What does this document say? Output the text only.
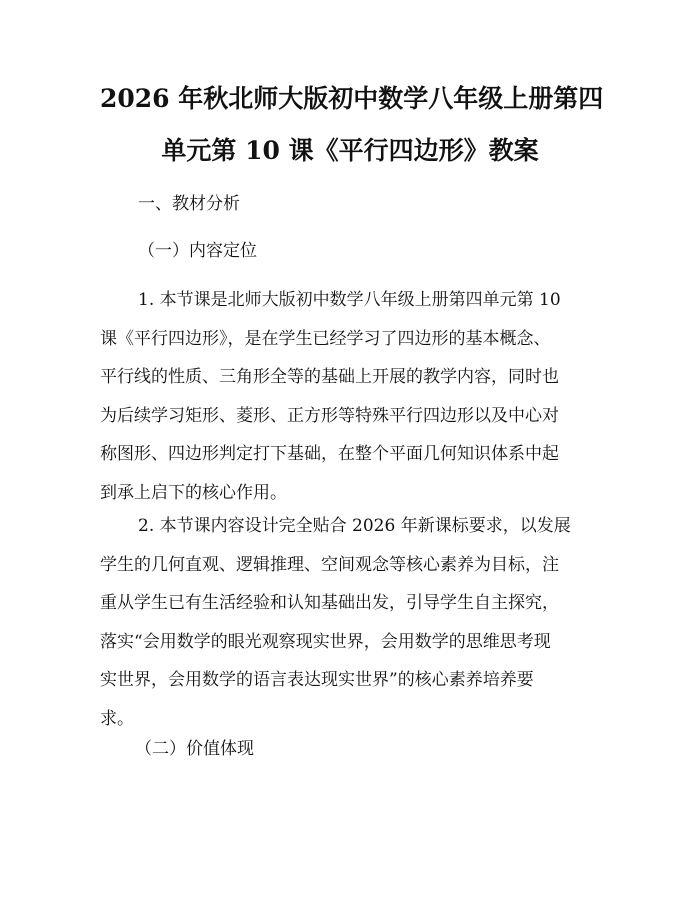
2026 年秋北师大版初中数学八年级上册第四
单元第 10 课《平行四边形》教案
一、教材分析
（一）内容定位
1. 本节课是北师大版初中数学八年级上册第四单元第 10
课《平行四边形》，是在学生已经学习了四边形的基本概念、
平行线的性质、三角形全等的基础上开展的教学内容，同时也
为后续学习矩形、菱形、正方形等特殊平行四边形以及中心对
称图形、四边形判定打下基础，在整个平面几何知识体系中起
到承上启下的核心作用。
2. 本节课内容设计完全贴合 2026 年新课标要求，以发展
学生的几何直观、逻辑推理、空间观念等核心素养为目标，注
重从学生已有生活经验和认知基础出发，引导学生自主探究，
落实“会用数学的眼光观察现实世界，会用数学的思维思考现
实世界，会用数学的语言表达现实世界”的核心素养培养要
求。
（二）价值体现
